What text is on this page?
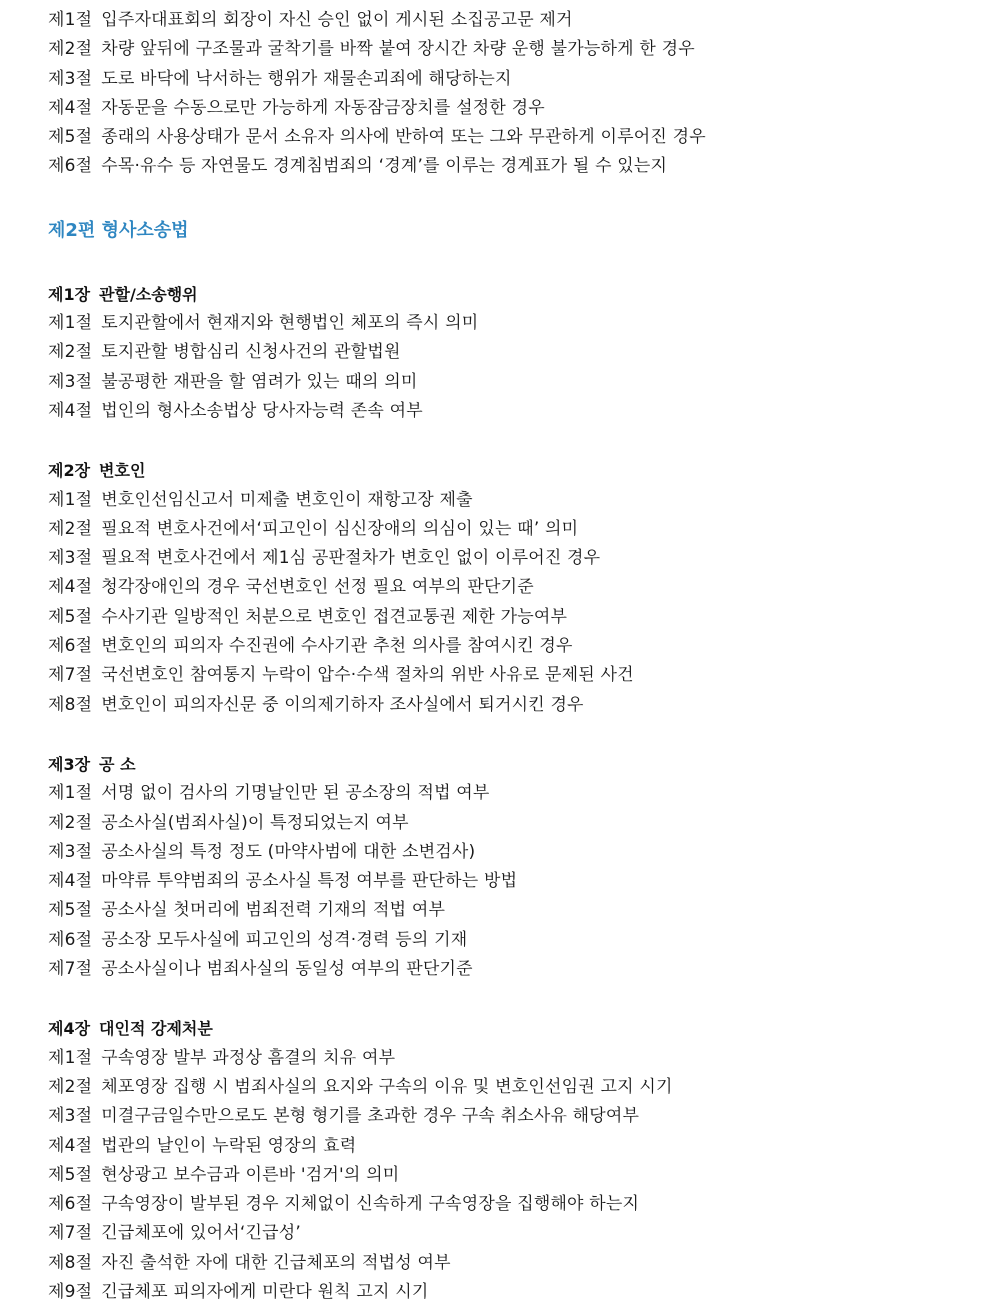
제1절 입주자대표회의 회장이 자신 승인 없이 게시된 소집공고문 제거
제2절 차량 앞뒤에 구조물과 굴착기를 바짝 붙여 장시간 차량 운행 불가능하게 한 경우
제3절 도로 바닥에 낙서하는 행위가 재물손괴죄에 해당하는지
제4절 자동문을 수동으로만 가능하게 자동잠금장치를 설정한 경우
제5절 종래의 사용상태가 문서 소유자 의사에 반하여 또는 그와 무관하게 이루어진 경우
제6절 수목·유수 등 자연물도 경계침범죄의 ‘경계’를 이루는 경계표가 될 수 있는지
제2편 형사소송법
제1장 관할/소송행위
제1절 토지관할에서 현재지와 현행법인 체포의 즉시 의미
제2절 토지관할 병합심리 신청사건의 관할법원
제3절 불공평한 재판을 할 염려가 있는 때의 의미
제4절 법인의 형사소송법상 당사자능력 존속 여부
제2장 변호인
제1절 변호인선임신고서 미제출 변호인이 재항고장 제출
제2절 필요적 변호사건에서‘피고인이 심신장애의 의심이 있는 때’ 의미
제3절 필요적 변호사건에서 제1심 공판절차가 변호인 없이 이루어진 경우
제4절 청각장애인의 경우 국선변호인 선정 필요 여부의 판단기준
제5절 수사기관 일방적인 처분으로 변호인 접견교통권 제한 가능여부
제6절 변호인의 피의자 수진권에 수사기관 추천 의사를 참여시킨 경우
제7절 국선변호인 참여통지 누락이 압수·수색 절차의 위반 사유로 문제된 사건
제8절 변호인이 피의자신문 중 이의제기하자 조사실에서 퇴거시킨 경우
제3장 공 소
제1절 서명 없이 검사의 기명날인만 된 공소장의 적법 여부
제2절 공소사실(범죄사실)이 특정되었는지 여부
제3절 공소사실의 특정 정도 (마약사범에 대한 소변검사)
제4절 마약류 투약범죄의 공소사실 특정 여부를 판단하는 방법
제5절 공소사실 첫머리에 범죄전력 기재의 적법 여부
제6절 공소장 모두사실에 피고인의 성격·경력 등의 기재
제7절 공소사실이나 범죄사실의 동일성 여부의 판단기준
제4장 대인적 강제처분
제1절 구속영장 발부 과정상 흠결의 치유 여부
제2절 체포영장 집행 시 범죄사실의 요지와 구속의 이유 및 변호인선임권 고지 시기
제3절 미결구금일수만으로도 본형 형기를 초과한 경우 구속 취소사유 해당여부
제4절 법관의 날인이 누락된 영장의 효력
제5절 현상광고 보수금과 이른바 '검거'의 의미
제6절 구속영장이 발부된 경우 지체없이 신속하게 구속영장을 집행해야 하는지
제7절 긴급체포에 있어서‘긴급성’
제8절 자진 출석한 자에 대한 긴급체포의 적법성 여부
제9절 긴급체포 피의자에게 미란다 원칙 고지 시기
